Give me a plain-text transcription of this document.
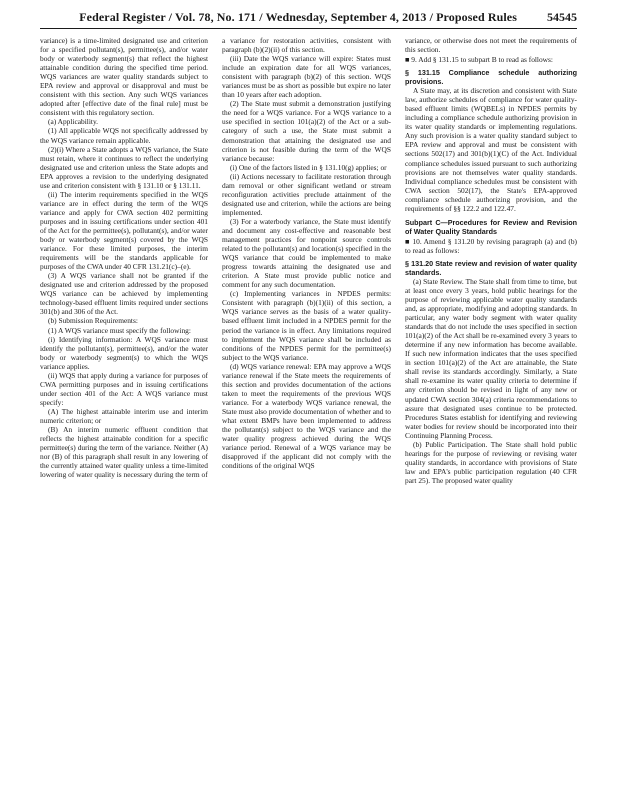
Federal Register / Vol. 78, No. 171 / Wednesday, September 4, 2013 / Proposed Rules	54545

variance) is a time-limited designated use and criterion for a specified pollutant(s), permittee(s), and/or water body or waterbody segment(s) that reflect the highest attainable condition during the specified time period. WQS variances are water quality standards subject to EPA review and approval or disapproval and must be consistent with this section. Any such WQS variances adopted after [effective date of the final rule] must be consistent with this regulatory section.

(a) Applicability.

(1) All applicable WQS not specifically addressed by the WQS variance remain applicable.

(2)(i) Where a State adopts a WQS variance, the State must retain, where it continues to reflect the underlying designated use and criterion unless the State adopts and EPA approves a revision to the underlying designated use and criterion consistent with § 131.10 or § 131.11.

(ii) The interim requirements specified in the WQS variance are in effect during the term of the WQS variance and apply for CWA section 402 permitting purposes and in issuing certifications under section 401 of the Act for the permittee(s), pollutant(s), and/or water body or waterbody segment(s) covered by the WQS variance. For these limited purposes, the interim requirements will be the standards applicable for purposes of the CWA under 40 CFR 131.21(c)–(e).

(3) A WQS variance shall not be granted if the designated use and criterion addressed by the proposed WQS variance can be achieved by implementing technology-based effluent limits required under sections 301(b) and 306 of the Act.

(b) Submission Requirements:

(1) A WQS variance must specify the following:

(i) Identifying information: A WQS variance must identify the pollutant(s), permittee(s), and/or the water body or waterbody segment(s) to which the WQS variance applies.

(ii) WQS that apply during a variance for purposes of CWA permitting purposes and in issuing certifications under section 401 of the Act: A WQS variance must specify:

(A) The highest attainable interim use and interim numeric criterion; or

(B) An interim numeric effluent condition that reflects the highest attainable condition for a specific permittee(s) during the term of the variance. Neither (A) nor (B) of this paragraph shall result in any lowering of the currently attained water quality unless a time-limited lowering of water quality is necessary during the term of

a variance for restoration activities, consistent with paragraph (b)(2)(ii) of this section.

(iii) Date the WQS variance will expire: States must include an expiration date for all WQS variances, consistent with paragraph (b)(2) of this section. WQS variances must be as short as possible but expire no later than 10 years after each adoption.

(2) The State must submit a demonstration justifying the need for a WQS variance. For a WQS variance to a use specified in section 101(a)(2) of the Act or a sub-category of such a use, the State must submit a demonstration that attaining the designated use and criterion is not feasible during the term of the WQS variance because:

(i) One of the factors listed in § 131.10(g) applies; or

(ii) Actions necessary to facilitate restoration through dam removal or other significant wetland or stream reconfiguration activities preclude attainment of the designated use and criterion, while the actions are being implemented.

(3) For a waterbody variance, the State must identify and document any cost-effective and reasonable best management practices for nonpoint source controls related to the pollutant(s) and location(s) specified in the WQS variance that could be implemented to make progress towards attaining the designated use and criterion. A State must provide public notice and comment for any such documentation.

(c) Implementing variances in NPDES permits: Consistent with paragraph (b)(1)(ii) of this section, a WQS variance serves as the basis of a water quality-based effluent limit included in a NPDES permit for the period the variance is in effect. Any limitations required to implement the WQS variance shall be included as conditions of the NPDES permit for the permittee(s) subject to the WQS variance.

(d) WQS variance renewal: EPA may approve a WQS variance renewal if the State meets the requirements of this section and provides documentation of the actions taken to meet the requirements of the previous WQS variance. For a waterbody WQS variance renewal, the State must also provide documentation of whether and to what extent BMPs have been implemented to address the pollutant(s) subject to the WQS variance and the water quality progress achieved during the WQS variance period. Renewal of a WQS variance may be disapproved if the applicant did not comply with the conditions of the original WQS

variance, or otherwise does not meet the requirements of this section.

■ 9. Add § 131.15 to subpart B to read as follows:

§ 131.15 Compliance schedule authorizing provisions.

A State may, at its discretion and consistent with State law, authorize schedules of compliance for water quality-based effluent limits (WQBELs) in NPDES permits by including a compliance schedule authorizing provision in its water quality standards or implementing regulations. Any such provision is a water quality standard subject to EPA review and approval and must be consistent with sections 502(17) and 301(b)(1)(C) of the Act. Individual compliance schedules issued pursuant to such authorizing provisions are not themselves water quality standards. Individual compliance schedules must be consistent with CWA section 502(17), the State's EPA-approved compliance schedule authorizing provision, and the requirements of §§ 122.2 and 122.47.

Subpart C—Procedures for Review and Revision of Water Quality Standards

■ 10. Amend § 131.20 by revising paragraph (a) and (b) to read as follows:

§ 131.20 State review and revision of water quality standards.

(a) State Review. The State shall from time to time, but at least once every 3 years, hold public hearings for the purpose of reviewing applicable water quality standards and, as appropriate, modifying and adopting standards. In particular, any water body segment with water quality standards that do not include the uses specified in section 101(a)(2) of the Act shall be re-examined every 3 years to determine if any new information has become available. If such new information indicates that the uses specified in section 101(a)(2) of the Act are attainable, the State shall revise its standards accordingly. Similarly, a State shall re-examine its water quality criteria to determine if any criterion should be revised in light of any new or updated CWA section 304(a) criteria recommendations to assure that designated uses continue to be protected. Procedures States establish for identifying and reviewing water bodies for review should be incorporated into their Continuing Planning Process.

(b) Public Participation. The State shall hold public hearings for the purpose of reviewing or revising water quality standards, in accordance with provisions of State law and EPA's public participation regulation (40 CFR part 25). The proposed water quality
